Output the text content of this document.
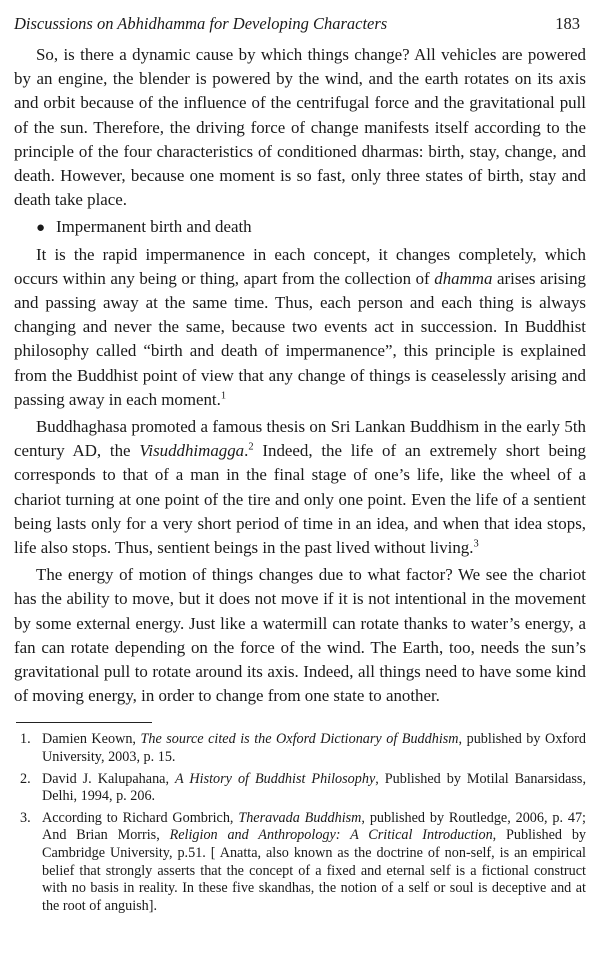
Discussions on Abhidhamma for Developing Characters	183

So, is there a dynamic cause by which things change? All vehicles are powered by an engine, the blender is powered by the wind, and the earth rotates on its axis and orbit because of the influence of the centrifugal force and the gravitational pull of the sun. Therefore, the driving force of change manifests itself according to the principle of the four characteristics of conditioned dharmas: birth, stay, change, and death. However, because one moment is so fast, only three states of birth, stay and death take place.

● Impermanent birth and death

It is the rapid impermanence in each concept, it changes completely, which occurs within any being or thing, apart from the collection of dhamma arises arising and passing away at the same time. Thus, each person and each thing is always changing and never the same, because two events act in succession. In Buddhist philosophy called “birth and death of impermanence”, this principle is explained from the Buddhist point of view that any change of things is ceaselessly arising and passing away in each moment.$^1$

Buddhaghasa promoted a famous thesis on Sri Lankan Buddhism in the early 5th century AD, the Visuddhimagga.$^2$ Indeed, the life of an extremely short being corresponds to that of a man in the final stage of one’s life, like the wheel of a chariot turning at one point of the tire and only one point. Even the life of a sentient being lasts only for a very short period of time in an idea, and when that idea stops, life also stops. Thus, sentient beings in the past lived without living.$^3$

The energy of motion of things changes due to what factor? We see the chariot has the ability to move, but it does not move if it is not intentional in the movement by some external energy. Just like a watermill can rotate thanks to water’s energy, a fan can rotate depending on the force of the wind. The Earth, too, needs the sun’s gravitational pull to rotate around its axis. Indeed, all things need to have some kind of moving energy, in order to change from one state to another.

1. Damien Keown, The source cited is the Oxford Dictionary of Buddhism, published by Oxford University, 2003, p. 15.
2. David J. Kalupahana, A History of Buddhist Philosophy, Published by Motilal Banarsidass, Delhi, 1994, p. 206.
3. According to Richard Gombrich, Theravada Buddhism, published by Routledge, 2006, p. 47; And Brian Morris, Religion and Anthropology: A Critical Introduction, Published by Cambridge University, p.51. [ Anatta, also known as the doctrine of non-self, is an empirical belief that strongly asserts that the concept of a fixed and eternal self is a fictional construct with no basis in reality. In these five skandhas, the notion of a self or soul is deceptive and at the root of anguish].
